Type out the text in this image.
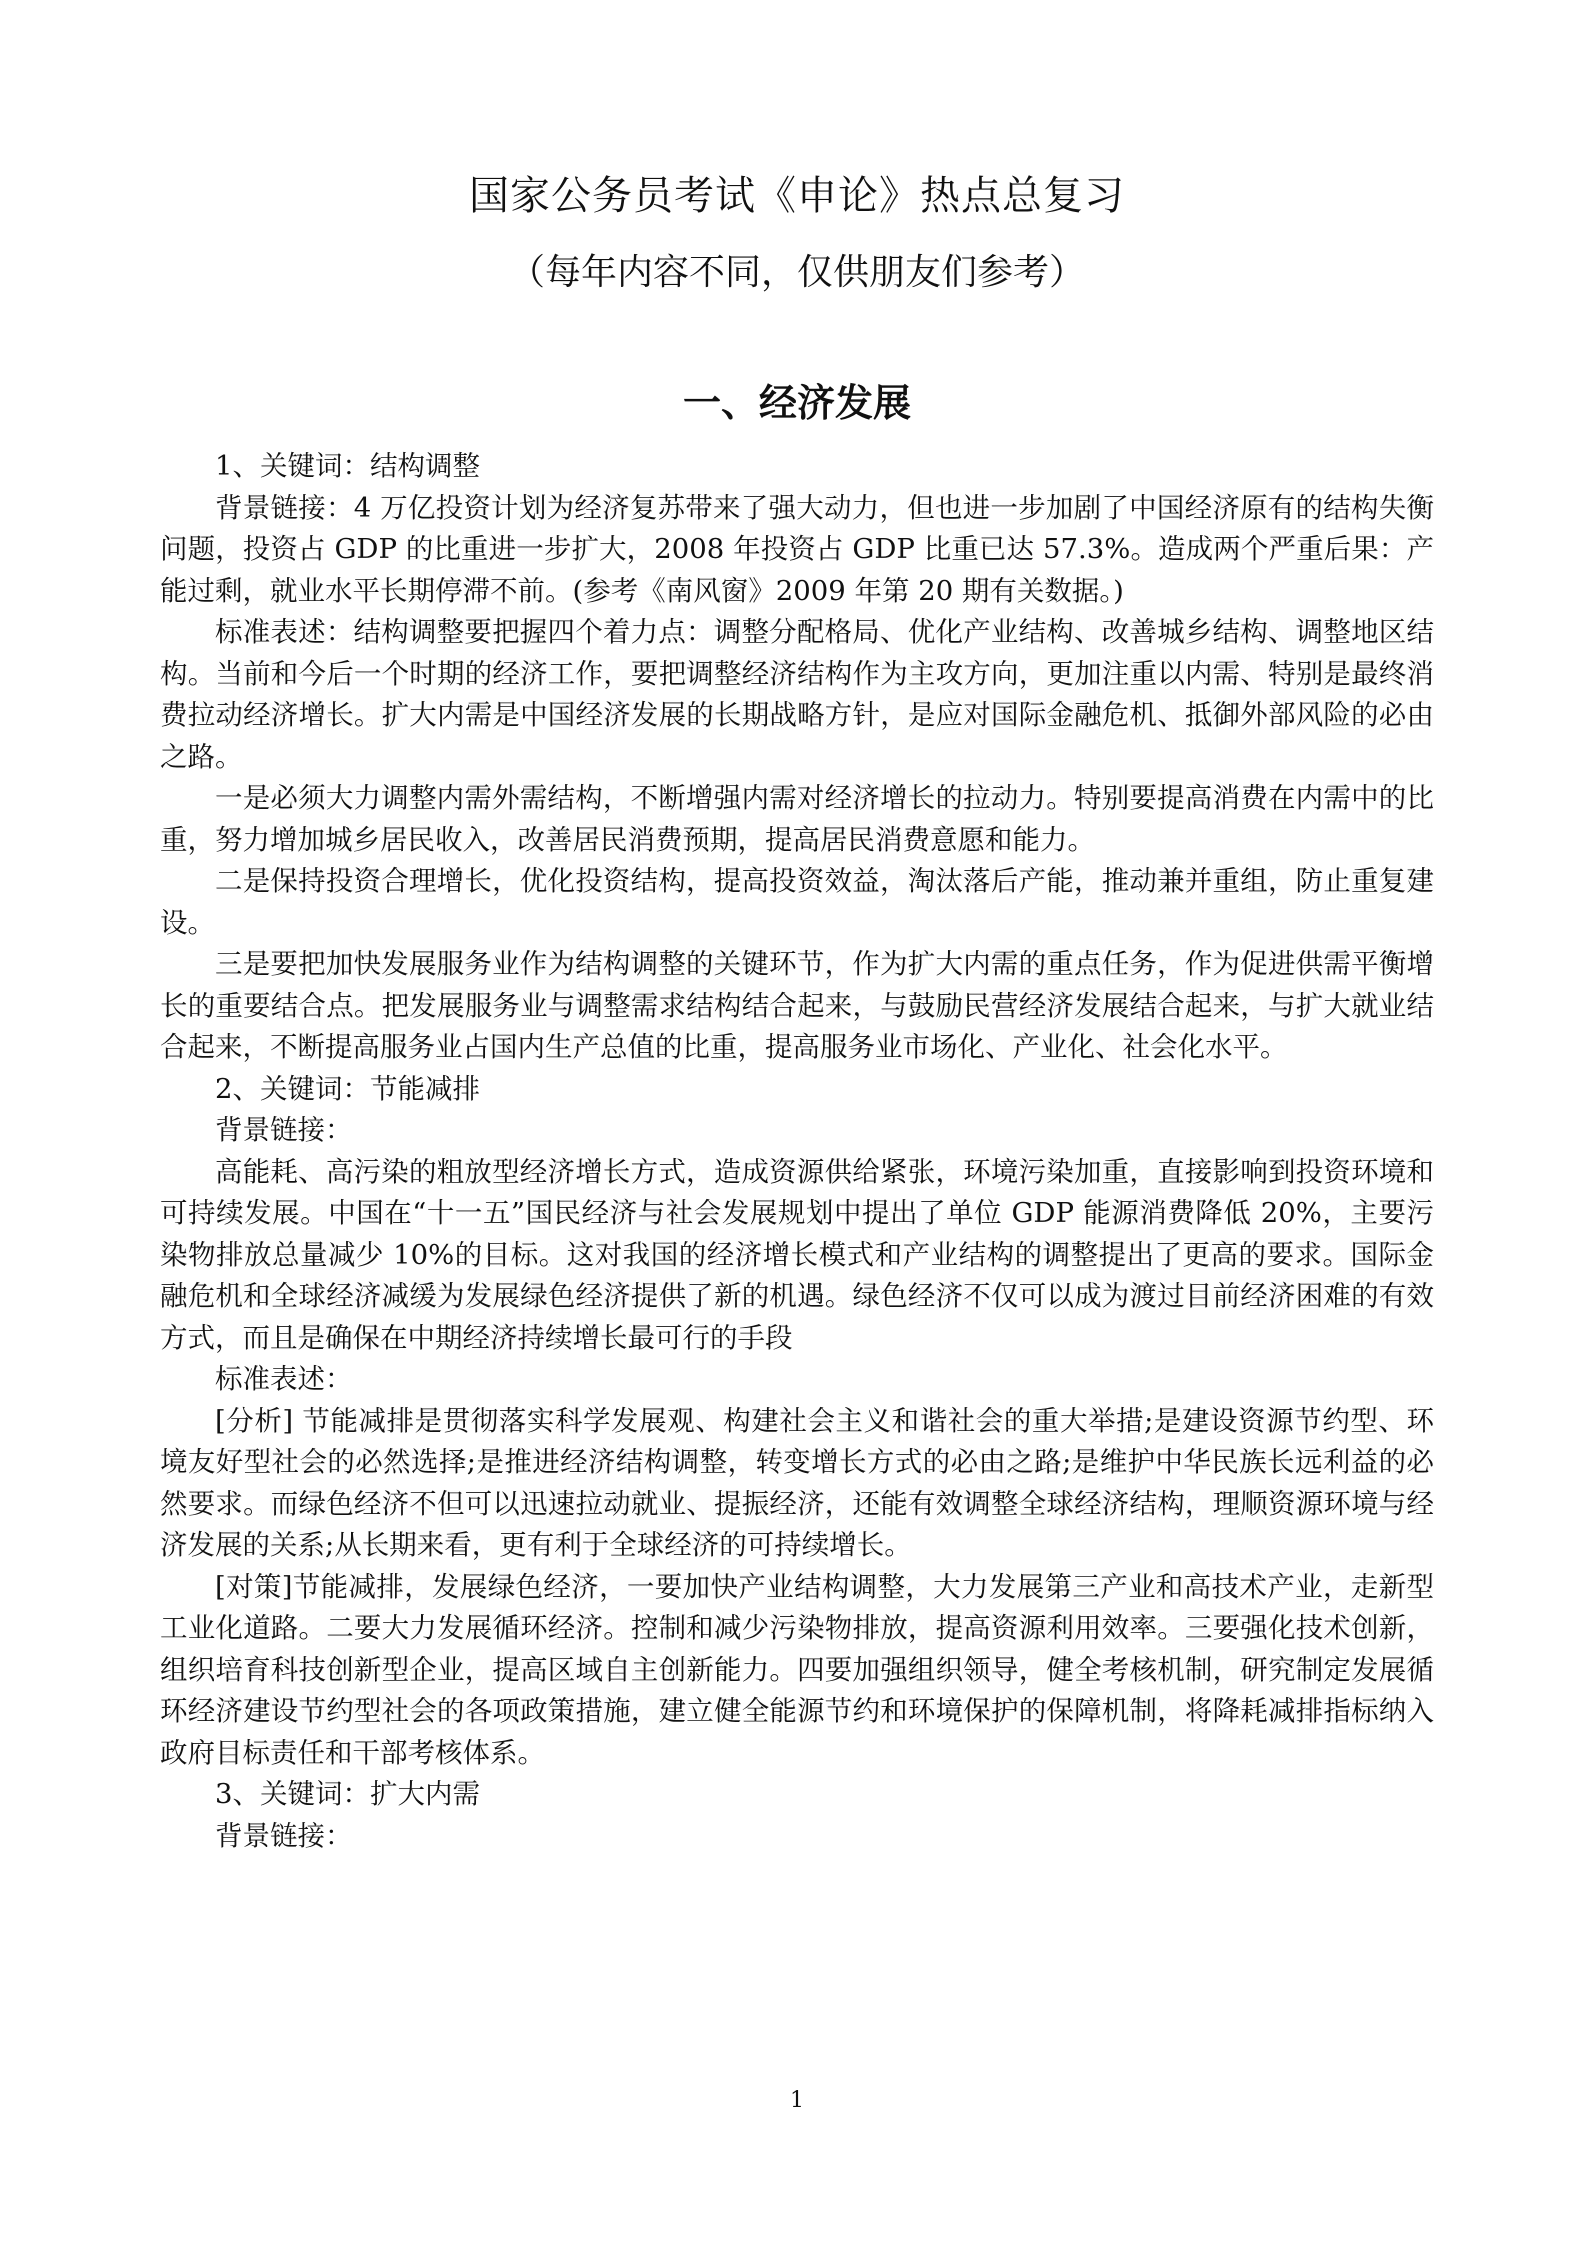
国家公务员考试《申论》热点总复习
（每年内容不同，仅供朋友们参考）
一、经济发展

1、关键词：结构调整

背景链接：4 万亿投资计划为经济复苏带来了强大动力，但也进一步加剧了中国经济原有的结构失衡问题，投资占 GDP 的比重进一步扩大，2008 年投资占 GDP 比重已达 57.3%。造成两个严重后果：产能过剩，就业水平长期停滞不前。(参考《南风窗》2009 年第 20 期有关数据。)

标准表述：结构调整要把握四个着力点：调整分配格局、优化产业结构、改善城乡结构、调整地区结构。当前和今后一个时期的经济工作，要把调整经济结构作为主攻方向，更加注重以内需、特别是最终消费拉动经济增长。扩大内需是中国经济发展的长期战略方针，是应对国际金融危机、抵御外部风险的必由之路。

一是必须大力调整内需外需结构，不断增强内需对经济增长的拉动力。特别要提高消费在内需中的比重，努力增加城乡居民收入，改善居民消费预期，提高居民消费意愿和能力。

二是保持投资合理增长，优化投资结构，提高投资效益，淘汰落后产能，推动兼并重组，防止重复建设。

三是要把加快发展服务业作为结构调整的关键环节，作为扩大内需的重点任务，作为促进供需平衡增长的重要结合点。把发展服务业与调整需求结构结合起来，与鼓励民营经济发展结合起来，与扩大就业结合起来，不断提高服务业占国内生产总值的比重，提高服务业市场化、产业化、社会化水平。

2、关键词：节能减排

背景链接：

高能耗、高污染的粗放型经济增长方式，造成资源供给紧张，环境污染加重，直接影响到投资环境和可持续发展。中国在“十一五”国民经济与社会发展规划中提出了单位 GDP 能源消费降低 20%，主要污染物排放总量减少 10%的目标。这对我国的经济增长模式和产业结构的调整提出了更高的要求。国际金融危机和全球经济减缓为发展绿色经济提供了新的机遇。绿色经济不仅可以成为渡过目前经济困难的有效方式，而且是确保在中期经济持续增长最可行的手段

标准表述：

[分析] 节能减排是贯彻落实科学发展观、构建社会主义和谐社会的重大举措;是建设资源节约型、环境友好型社会的必然选择;是推进经济结构调整，转变增长方式的必由之路;是维护中华民族长远利益的必然要求。而绿色经济不但可以迅速拉动就业、提振经济，还能有效调整全球经济结构，理顺资源环境与经济发展的关系;从长期来看，更有利于全球经济的可持续增长。

[对策]节能减排，发展绿色经济，一要加快产业结构调整，大力发展第三产业和高技术产业，走新型工业化道路。二要大力发展循环经济。控制和减少污染物排放，提高资源利用效率。三要强化技术创新，组织培育科技创新型企业，提高区域自主创新能力。四要加强组织领导，健全考核机制，研究制定发展循环经济建设节约型社会的各项政策措施，建立健全能源节约和环境保护的保障机制，将降耗减排指标纳入政府目标责任和干部考核体系。

3、关键词：扩大内需

背景链接：

1
